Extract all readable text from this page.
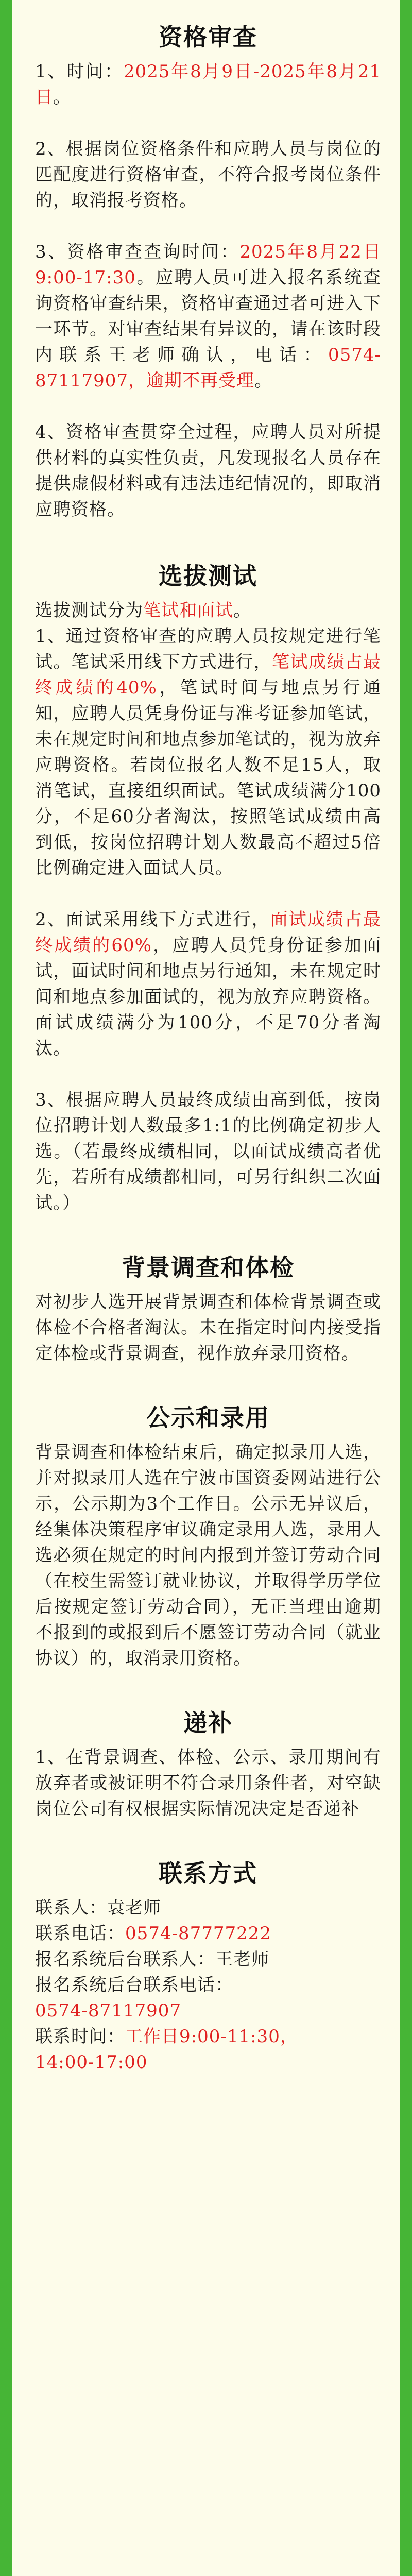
资格审查

1、时间：2025年8月9日-2025年8月21日。

2、根据岗位资格条件和应聘人员与岗位的匹配度进行资格审查，不符合报考岗位条件的，取消报考资格。

3、资格审查查询时间：2025年8月22日9:00-17:30。应聘人员可进入报名系统查询资格审查结果，资格审查通过者可进入下一环节。对审查结果有异议的，请在该时段内联系王老师确认，电话：0574-87117907，逾期不再受理。

4、资格审查贯穿全过程，应聘人员对所提供材料的真实性负责，凡发现报名人员存在提供虚假材料或有违法违纪情况的，即取消应聘资格。

选拔测试

选拔测试分为笔试和面试。

1、通过资格审查的应聘人员按规定进行笔试。笔试采用线下方式进行，笔试成绩占最终成绩的40%，笔试时间与地点另行通知，应聘人员凭身份证与准考证参加笔试，未在规定时间和地点参加笔试的，视为放弃应聘资格。若岗位报名人数不足15人，取消笔试，直接组织面试。笔试成绩满分100分，不足60分者淘汰，按照笔试成绩由高到低，按岗位招聘计划人数最高不超过5倍比例确定进入面试人员。

2、面试采用线下方式进行，面试成绩占最终成绩的60%，应聘人员凭身份证参加面试，面试时间和地点另行通知，未在规定时间和地点参加面试的，视为放弃应聘资格。面试成绩满分为100分，不足70分者淘汰。

3、根据应聘人员最终成绩由高到低，按岗位招聘计划人数最多1:1的比例确定初步人选。（若最终成绩相同，以面试成绩高者优先，若所有成绩都相同，可另行组织二次面试。）

背景调查和体检

对初步人选开展背景调查和体检背景调查或体检不合格者淘汰。未在指定时间内接受指定体检或背景调查，视作放弃录用资格。

公示和录用

背景调查和体检结束后，确定拟录用人选，并对拟录用人选在宁波市国资委网站进行公示，公示期为3个工作日。公示无异议后，经集体决策程序审议确定录用人选，录用人选必须在规定的时间内报到并签订劳动合同（在校生需签订就业协议，并取得学历学位后按规定签订劳动合同），无正当理由逾期不报到的或报到后不愿签订劳动合同（就业协议）的，取消录用资格。

递补

1、在背景调查、体检、公示、录用期间有放弃者或被证明不符合录用条件者，对空缺岗位公司有权根据实际情况决定是否递补

联系方式

联系人：袁老师

联系电话：0574-87777222

报名系统后台联系人：王老师

报名系统后台联系电话：

0574-87117907

联系时间：工作日9:00-11:30，

14:00-17:00
